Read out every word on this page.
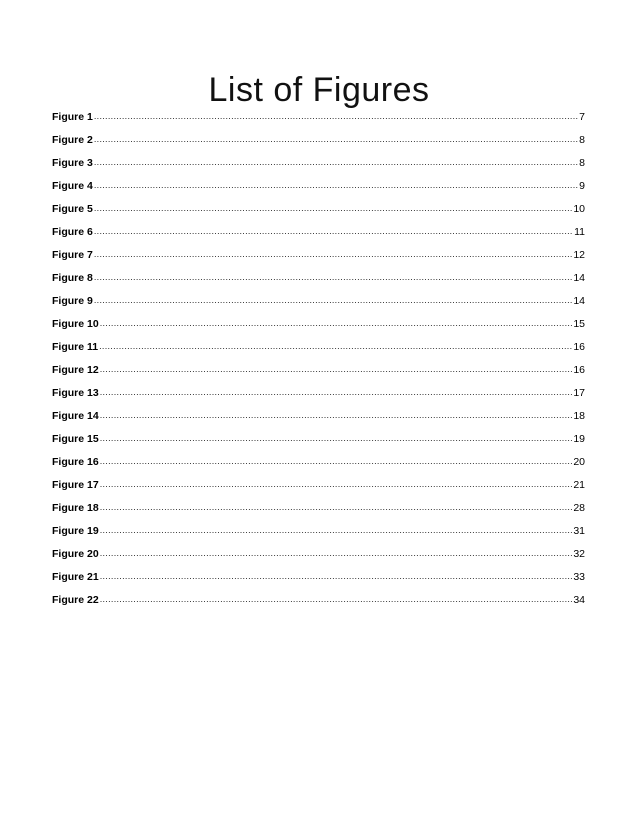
List of Figures
Figure 1 .....	7
Figure 2 .....	8
Figure 3 .....	8
Figure 4 .....	9
Figure 5 .....	10
Figure 6 .....	11
Figure 7 .....	12
Figure 8 .....	14
Figure 9 .....	14
Figure 10 .....	15
Figure 11 .....	16
Figure 12 .....	16
Figure 13 .....	17
Figure 14 .....	18
Figure 15 .....	19
Figure 16 .....	20
Figure 17 .....	21
Figure 18 .....	28
Figure 19 .....	31
Figure 20 .....	32
Figure 21 .....	33
Figure 22 .....	34
